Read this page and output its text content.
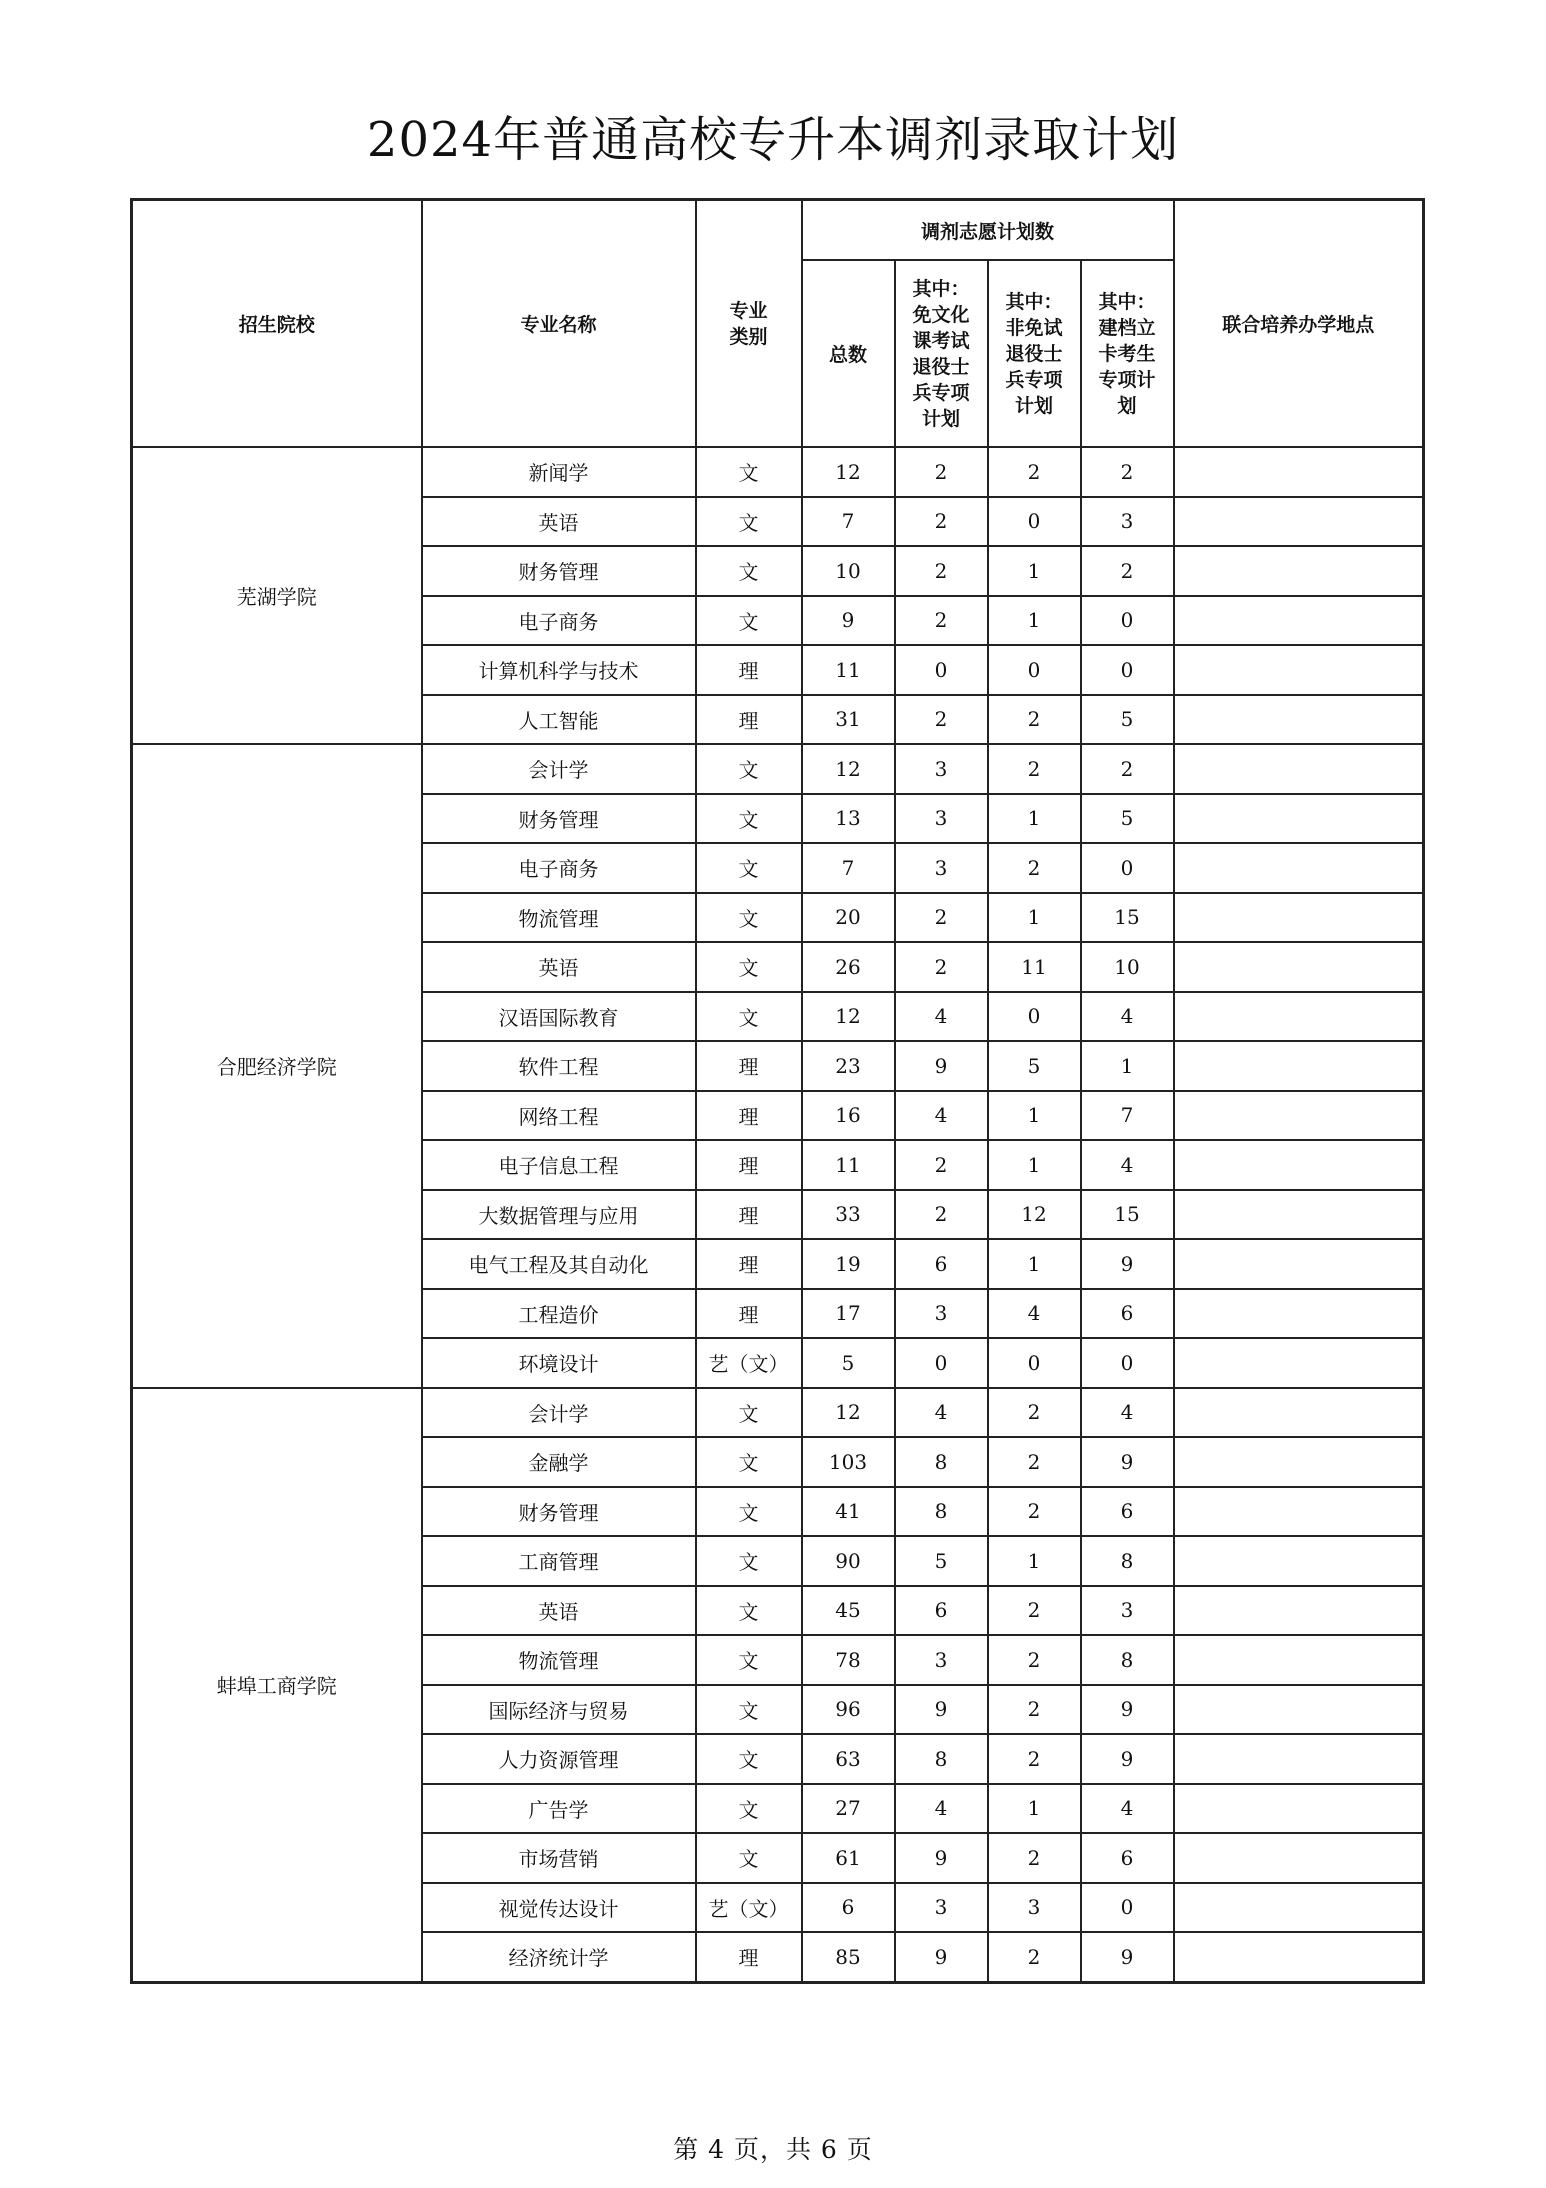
2024年普通高校专升本调剂录取计划
招生院校	专业名称	专业类别	调剂志愿计划数				联合培养办学地点
			总数	其中：免文化课考试退役士兵专项计划	其中：非免试退役士兵专项计划	其中：建档立卡考生专项计划	
芜湖学院	新闻学	文	12	2	2	2	
	英语	文	7	2	0	3	
	财务管理	文	10	2	1	2	
	电子商务	文	9	2	1	0	
	计算机科学与技术	理	11	0	0	0	
	人工智能	理	31	2	2	5	
合肥经济学院	会计学	文	12	3	2	2	
	财务管理	文	13	3	1	5	
	电子商务	文	7	3	2	0	
	物流管理	文	20	2	1	15	
	英语	文	26	2	11	10	
	汉语国际教育	文	12	4	0	4	
	软件工程	理	23	9	5	1	
	网络工程	理	16	4	1	7	
	电子信息工程	理	11	2	1	4	
	大数据管理与应用	理	33	2	12	15	
	电气工程及其自动化	理	19	6	1	9	
	工程造价	理	17	3	4	6	
	环境设计	艺（文）	5	0	0	0	
蚌埠工商学院	会计学	文	12	4	2	4	
	金融学	文	103	8	2	9	
	财务管理	文	41	8	2	6	
	工商管理	文	90	5	1	8	
	英语	文	45	6	2	3	
	物流管理	文	78	3	2	8	
	国际经济与贸易	文	96	9	2	9	
	人力资源管理	文	63	8	2	9	
	广告学	文	27	4	1	4	
	市场营销	文	61	9	2	6	
	视觉传达设计	艺（文）	6	3	3	0	
	经济统计学	理	85	9	2	9	
第 4 页，共 6 页
